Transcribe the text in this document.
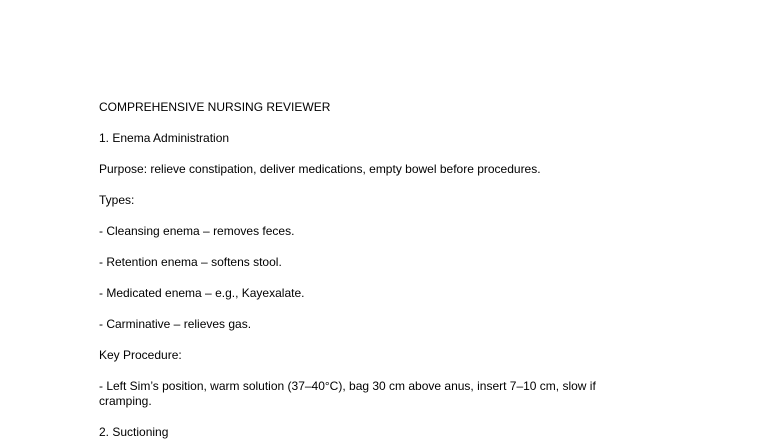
COMPREHENSIVE NURSING REVIEWER
1. Enema Administration
Purpose: relieve constipation, deliver medications, empty bowel before procedures.
Types:
- Cleansing enema – removes feces.
- Retention enema – softens stool.
- Medicated enema – e.g., Kayexalate.
- Carminative – relieves gas.
Key Procedure:
- Left Sim’s position, warm solution (37–40°C), bag 30 cm above anus, insert 7–10 cm, slow if cramping.
2. Suctioning
